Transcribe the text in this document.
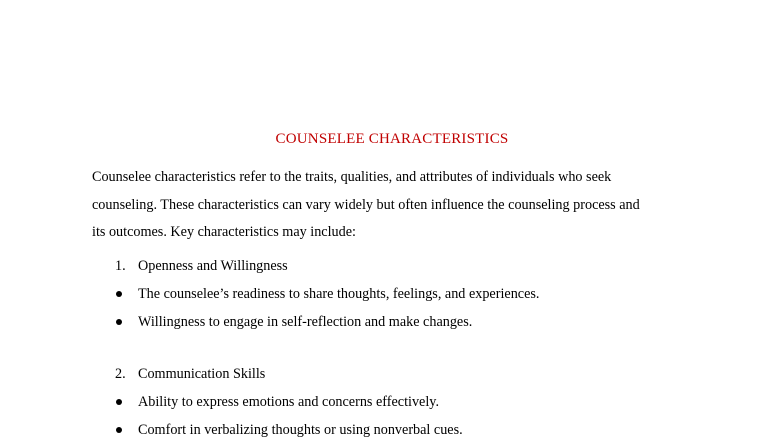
COUNSELEE CHARACTERISTICS

Counselee characteristics refer to the traits, qualities, and attributes of individuals who seek
counseling. These characteristics can vary widely but often influence the counseling process and
its outcomes. Key characteristics may include:

1. Openness and Willingness
The counselee’s readiness to share thoughts, feelings, and experiences.
Willingness to engage in self-reflection and make changes.
2. Communication Skills
Ability to express emotions and concerns effectively.
Comfort in verbalizing thoughts or using nonverbal cues.
